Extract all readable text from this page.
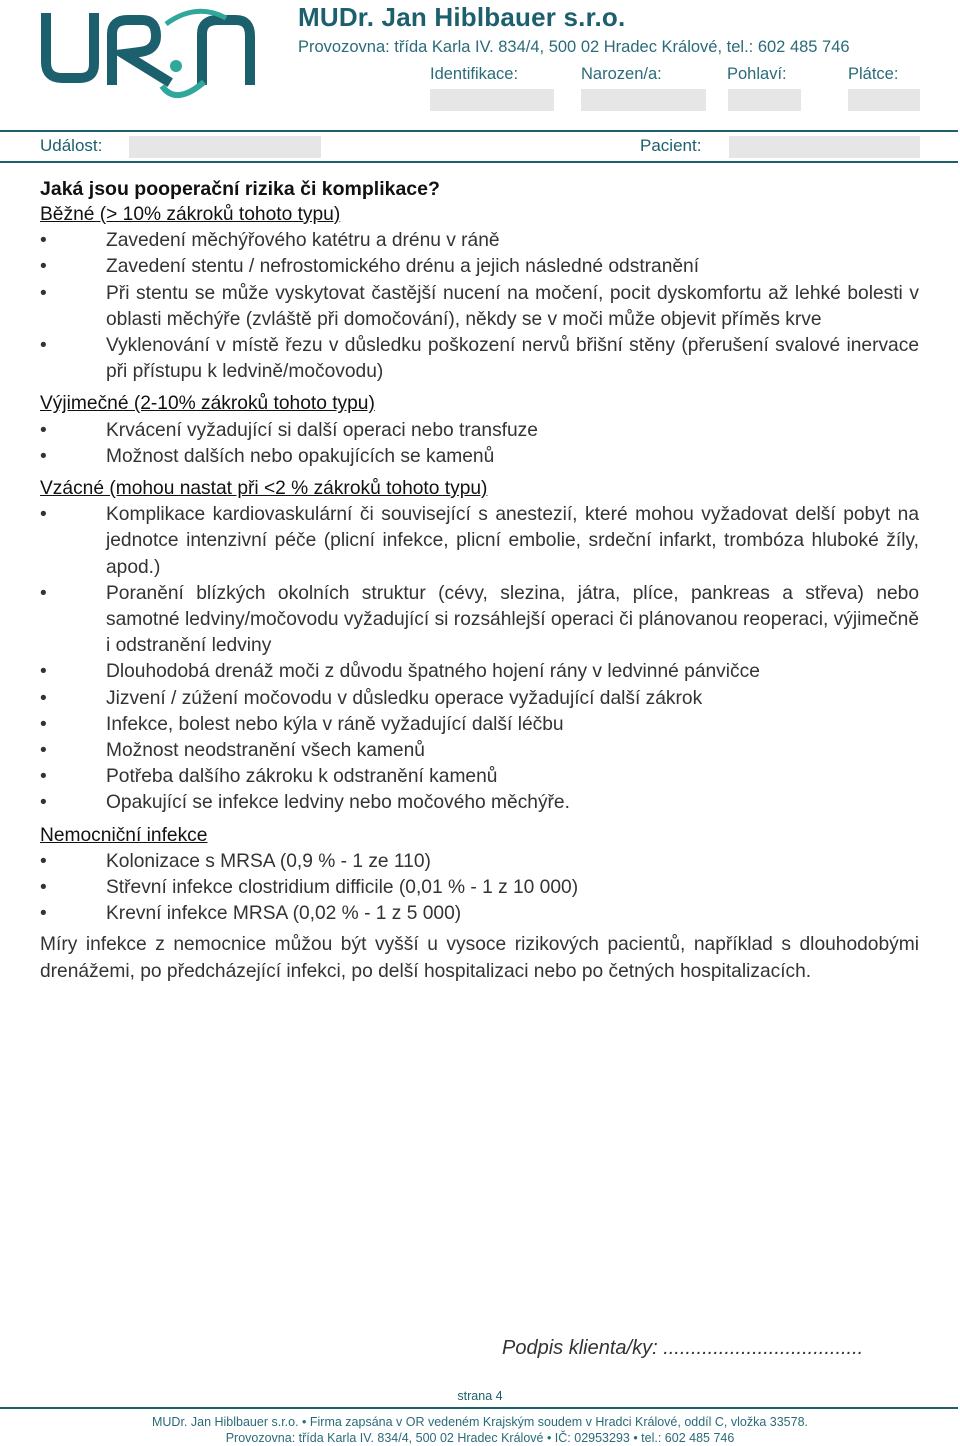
MUDr. Jan Hiblbauer s.r.o.
Provozovna: třída Karla IV. 834/4, 500 02 Hradec Králové, tel.: 602 485 746
Identifikace:	Narozen/a:	Pohlaví:	Plátce:
Událost:	Pacient:
Jaká jsou pooperační rizika či komplikace?
Běžné (> 10% zákroků tohoto typu)
• Zavedení měchýřového katétru a drénu v ráně
• Zavedení stentu / nefrostomického drénu a jejich následné odstranění
• Při stentu se může vyskytovat častější nucení na močení, pocit dyskomfortu až lehké bolesti v oblasti měchýře (zvláště při domočování), někdy se v moči může objevit příměs krve
• Vyklenování v místě řezu v důsledku poškození nervů břišní stěny (přerušení svalové inervace při přístupu k ledvině/močovodu)
Výjimečné (2-10% zákroků tohoto typu)
• Krvácení vyžadující si další operaci nebo transfuze
• Možnost dalších nebo opakujících se kamenů
Vzácné (mohou nastat při <2 % zákroků tohoto typu)
• Komplikace kardiovaskulární či související s anestezií, které mohou vyžadovat delší pobyt na jednotce intenzivní péče (plicní infekce, plicní embolie, srdeční infarkt, trombóza hluboké žíly, apod.)
• Poranění blízkých okolních struktur (cévy, slezina, játra, plíce, pankreas a střeva) nebo samotné ledviny/močovodu vyžadující si rozsáhlejší operaci či plánovanou reoperaci, výjimečně i odstranění ledviny
• Dlouhodobá drenáž moči z důvodu špatného hojení rány v ledvinné pánvičce
• Jizvení / zúžení močovodu v důsledku operace vyžadující další zákrok
• Infekce, bolest nebo kýla v ráně vyžadující další léčbu
• Možnost neodstranění všech kamenů
• Potřeba dalšího zákroku k odstranění kamenů
• Opakující se infekce ledviny nebo močového měchýře.
Nemocniční infekce
• Kolonizace s MRSA (0,9 % - 1 ze 110)
• Střevní infekce clostridium difficile (0,01 % - 1 z 10 000)
• Krevní infekce MRSA (0,02 % - 1 z 5 000)
Míry infekce z nemocnice můžou být vyšší u vysoce rizikových pacientů, například s dlouhodobými drenážemi, po předcházející infekci, po delší hospitalizaci nebo po četných hospitalizacích.
Podpis klienta/ky: ....................................
strana 4
MUDr. Jan Hiblbauer s.r.o. • Firma zapsána v OR vedeném Krajským soudem v Hradci Králové, oddíl C, vložka 33578.
Provozovna: třída Karla IV. 834/4, 500 02 Hradec Králové • IČ: 02953293 • tel.: 602 485 746
